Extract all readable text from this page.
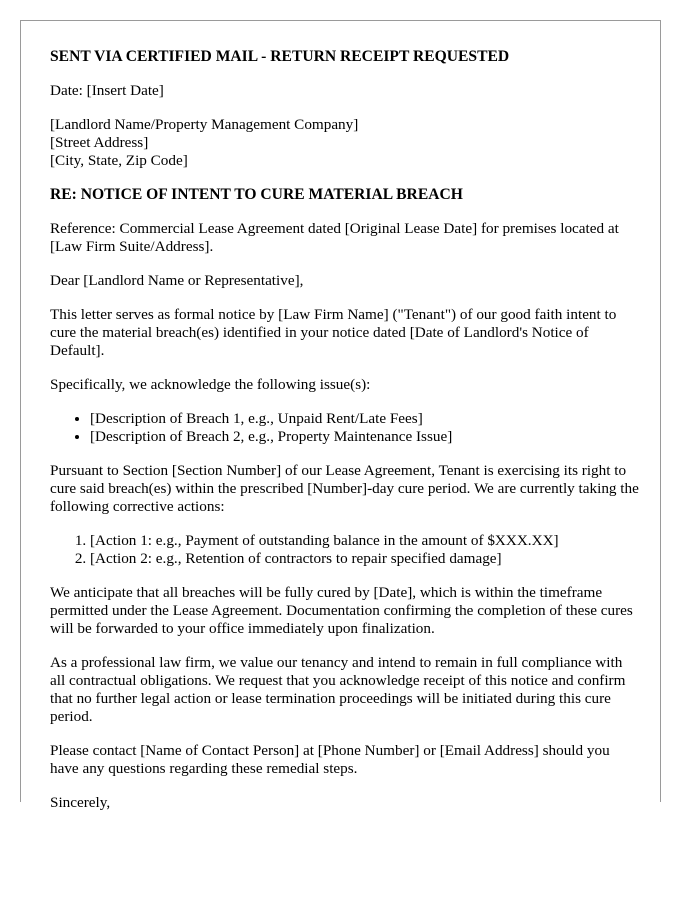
SENT VIA CERTIFIED MAIL - RETURN RECEIPT REQUESTED

Date: [Insert Date]

[Landlord Name/Property Management Company]
[Street Address]
[City, State, Zip Code]

RE: NOTICE OF INTENT TO CURE MATERIAL BREACH

Reference: Commercial Lease Agreement dated [Original Lease Date] for premises located at [Law Firm Suite/Address].

Dear [Landlord Name or Representative],

This letter serves as formal notice by [Law Firm Name] ("Tenant") of our good faith intent to cure the material breach(es) identified in your notice dated [Date of Landlord's Notice of Default].

Specifically, we acknowledge the following issue(s):

• [Description of Breach 1, e.g., Unpaid Rent/Late Fees]
• [Description of Breach 2, e.g., Property Maintenance Issue]

Pursuant to Section [Section Number] of our Lease Agreement, Tenant is exercising its right to cure said breach(es) within the prescribed [Number]-day cure period. We are currently taking the following corrective actions:

1. [Action 1: e.g., Payment of outstanding balance in the amount of $XXX.XX]
2. [Action 2: e.g., Retention of contractors to repair specified damage]

We anticipate that all breaches will be fully cured by [Date], which is within the timeframe permitted under the Lease Agreement. Documentation confirming the completion of these cures will be forwarded to your office immediately upon finalization.

As a professional law firm, we value our tenancy and intend to remain in full compliance with all contractual obligations. We request that you acknowledge receipt of this notice and confirm that no further legal action or lease termination proceedings will be initiated during this cure period.

Please contact [Name of Contact Person] at [Phone Number] or [Email Address] should you have any questions regarding these remedial steps.

Sincerely,
